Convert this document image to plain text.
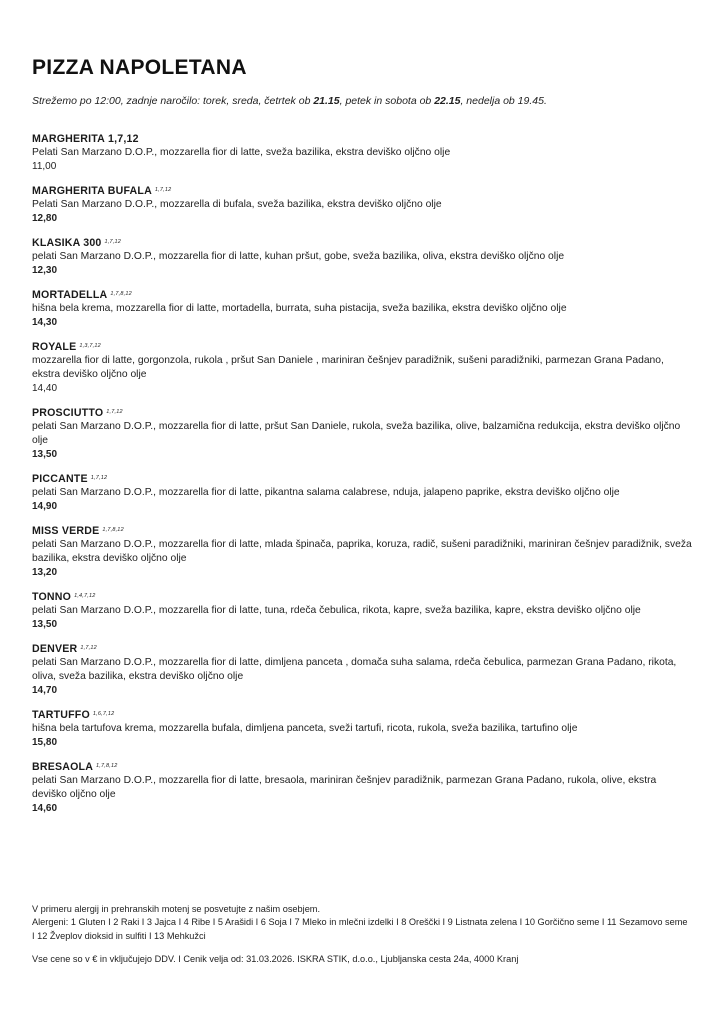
PIZZA NAPOLETANA
Strežemo po 12:00, zadnje naročilo: torek, sreda, četrtek ob 21.15, petek in sobota ob 22.15, nedelja ob 19.45.
MARGHERITA 1,7,12
Pelati San Marzano D.O.P., mozzarella fior di latte, sveža bazilika, ekstra deviško oljčno olje
11,00
MARGHERITA BUFALA $^{1,7,12}$
Pelati San Marzano D.O.P., mozzarella di bufala, sveža bazilika, ekstra deviško oljčno olje
12,80
KLASIKA 300 $^{1,7,12}$
pelati San Marzano D.O.P., mozzarella fior di latte, kuhan pršut, gobe, sveža bazilika, oliva, ekstra deviško oljčno olje
12,30
MORTADELLA $^{1,7,8,12}$
hišna bela krema, mozzarella fior di latte, mortadella, burrata, suha pistacija, sveža bazilika, ekstra deviško oljčno olje
14,30
ROYALE $^{1,3,7,12}$
mozzarella fior di latte, gorgonzola, rukola , pršut San Daniele , mariniran češnjev paradižnik, sušeni paradižniki, parmezan Grana Padano, ekstra deviško oljčno olje
14,40
PROSCIUTTO $^{1,7,12}$
pelati San Marzano D.O.P., mozzarella fior di latte, pršut San Daniele, rukola, sveža bazilika, olive, balzamična redukcija, ekstra deviško oljčno olje
13,50
PICCANTE $^{1,7,12}$
pelati San Marzano D.O.P., mozzarella fior di latte, pikantna salama calabrese, nduja, jalapeno paprike, ekstra deviško oljčno olje
14,90
MISS VERDE $^{1,7,8,12}$
pelati San Marzano D.O.P., mozzarella fior di latte, mlada špinača, paprika, koruza, radič, sušeni paradižniki, mariniran češnjev paradižnik, sveža bazilika, ekstra deviško oljčno olje
13,20
TONNO $^{1,4,7,12}$
pelati San Marzano D.O.P., mozzarella fior di latte, tuna, rdeča čebulica, rikota, kapre, sveža bazilika, kapre, ekstra deviško oljčno olje
13,50
DENVER $^{1,7,12}$
pelati San Marzano D.O.P., mozzarella fior di latte, dimljena panceta , domača suha salama, rdeča čebulica, parmezan Grana Padano, rikota, oliva, sveža bazilika, ekstra deviško oljčno olje
14,70
TARTUFFO $^{1,6,7,12}$
hišna bela tartufova krema, mozzarella bufala, dimljena panceta, sveži tartufi, ricota, rukola, sveža bazilika, tartufino olje
15,80
BRESAOLA $^{1,7,8,12}$
pelati San Marzano D.O.P., mozzarella fior di latte, bresaola, mariniran češnjev paradižnik, parmezan Grana Padano, rukola, olive, ekstra deviško oljčno olje
14,60

V primeru alergij in prehranskih motenj se posvetujte z našim osebjem.

Alergeni: 1 Gluten I 2 Raki I 3 Jajca I 4 Ribe I 5 Arašidi I 6 Soja I 7 Mleko in mlečni izdelki I 8 Oreščki I 9 Listnata zelena I 10 Gorčično seme I 11 Sezamovo seme I 12 Žveplov dioksid in sulfiti I 13 Mehkužci

Vse cene so v € in vključujejo DDV. I Cenik velja od: 31.03.2026. ISKRA STIK, d.o.o., Ljubljanska cesta 24a, 4000 Kranj
